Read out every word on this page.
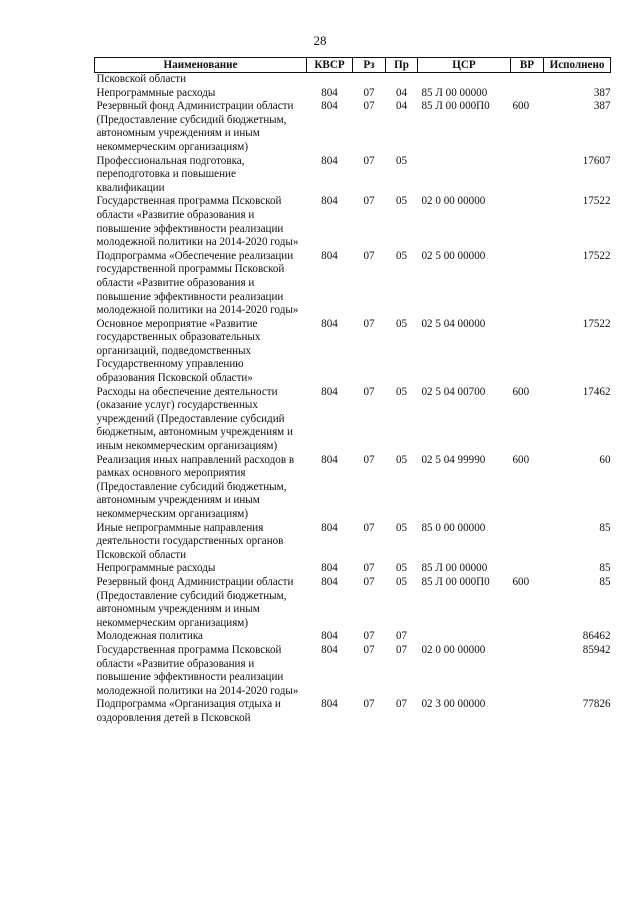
28
Наименование	КВСР	Рз	Пр	ЦСР	ВР	Исполнено
Псковской области						
Непрограммные расходы	804	07	04	85 Л 00 00000		387
Резервный фонд Администрации области (Предоставление субсидий бюджетным, автономным учреждениям и иным некоммерческим организациям)	804	07	04	85 Л 00 000П0	600	387
Профессиональная подготовка, переподготовка и повышение квалификации	804	07	05			17607
Государственная программа Псковской области «Развитие образования и повышение эффективности реализации молодежной политики на 2014-2020 годы»	804	07	05	02 0 00 00000		17522
Подпрограмма «Обеспечение реализации государственной программы Псковской области «Развитие образования и повышение эффективности реализации молодежной политики на 2014-2020 годы»	804	07	05	02 5 00 00000		17522
Основное мероприятие «Развитие государственных образовательных организаций, подведомственных Государственному управлению образования Псковской области»	804	07	05	02 5 04 00000		17522
Расходы на обеспечение деятельности (оказание услуг) государственных учреждений (Предоставление субсидий бюджетным, автономным учреждениям и иным некоммерческим организациям)	804	07	05	02 5 04 00700	600	17462
Реализация иных направлений расходов в рамках основного мероприятия (Предоставление субсидий бюджетным, автономным учреждениям и иным некоммерческим организациям)	804	07	05	02 5 04 99990	600	60
Иные непрограммные направления деятельности государственных органов Псковской области	804	07	05	85 0 00 00000		85
Непрограммные расходы	804	07	05	85 Л 00 00000		85
Резервный фонд Администрации области (Предоставление субсидий бюджетным, автономным учреждениям и иным некоммерческим организациям)	804	07	05	85 Л 00 000П0	600	85
Молодежная политика	804	07	07			86462
Государственная программа Псковской области «Развитие образования и повышение эффективности реализации молодежной политики на 2014-2020 годы»	804	07	07	02 0 00 00000		85942
Подпрограмма «Организация отдыха и оздоровления детей в Псковской	804	07	07	02 3 00 00000		77826
